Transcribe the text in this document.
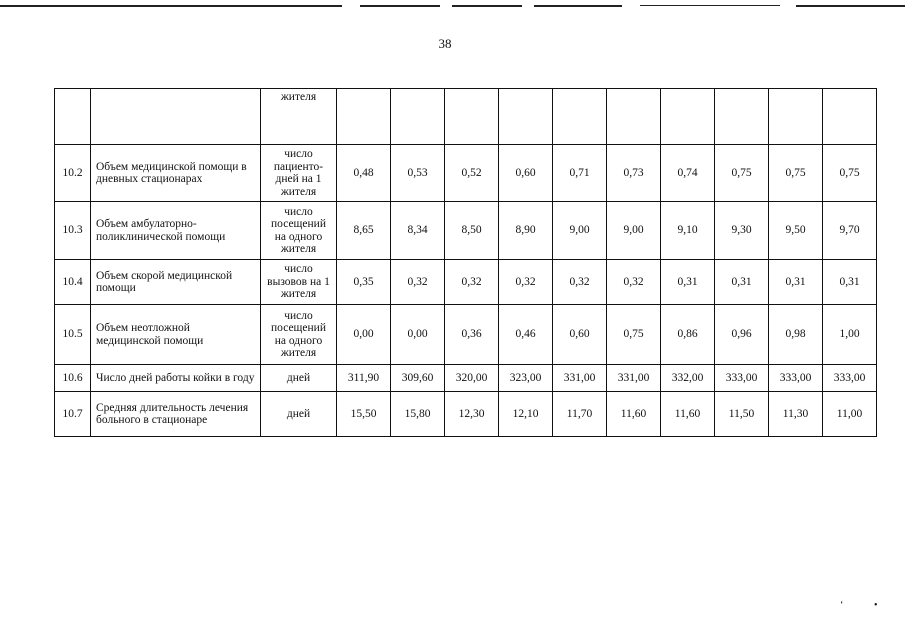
38
		жителя										
10.2	Объем медицинской помощи в дневных стационарах	число пациенто-дней на 1 жителя	0,48	0,53	0,52	0,60	0,71	0,73	0,74	0,75	0,75	0,75
10.3	Объем амбулаторно-поликлинической помощи	число посещений на одного жителя	8,65	8,34	8,50	8,90	9,00	9,00	9,10	9,30	9,50	9,70
10.4	Объем скорой медицинской помощи	число вызовов на 1 жителя	0,35	0,32	0,32	0,32	0,32	0,32	0,31	0,31	0,31	0,31
10.5	Объем неотложной медицинской помощи	число посещений на одного жителя	0,00	0,00	0,36	0,46	0,60	0,75	0,86	0,96	0,98	1,00
10.6	Число дней работы койки в году	дней	311,90	309,60	320,00	323,00	331,00	331,00	332,00	333,00	333,00	333,00
10.7	Средняя длительность лечения больного в стационаре	дней	15,50	15,80	12,30	12,10	11,70	11,60	11,60	11,50	11,30	11,00
ʻ	•
